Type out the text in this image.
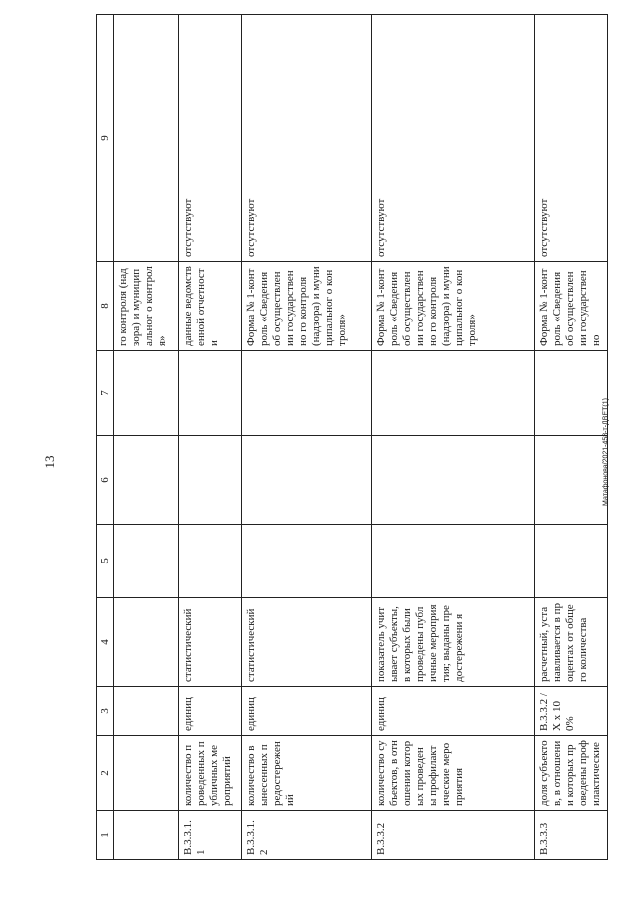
13	Матафонова/2021-458-т-ДВЕТ(1)
1	2	3	4	5	6	7	8	9
							го контроля (надзора) и муниципальног о контроля»	
В.3.3.1.1	количество проведенных публичных мероприятий	единиц	статистический				данные ведомственной отчетности	отсутствуют
В.3.3.1.2	количество вынесенных предостережений	единиц	статистический				Форма № 1-контроль «Сведения об осуществлении государственно го контроля (надзора) и муниципальног о контроля»	отсутствуют
В.3.3.2	количество субъектов, в отношении которых проведены профилактические мероприятия	единиц	показатель учитывает субъекты, в которых были проведены публичные мероприятия; выданы предостережени я				Форма № 1-контроль «Сведения об осуществлении государственно го контроля (надзора) и муниципальног о контроля»	отсутствуют
В.3.3.3	доля субъектов, в отношении которых проведены профилактические	В.3.3.2 / Х x 100%	расчетный, устанавливается в процентах от общего количества				Форма № 1-контроль «Сведения об осуществлении государственно	отсутствуют
